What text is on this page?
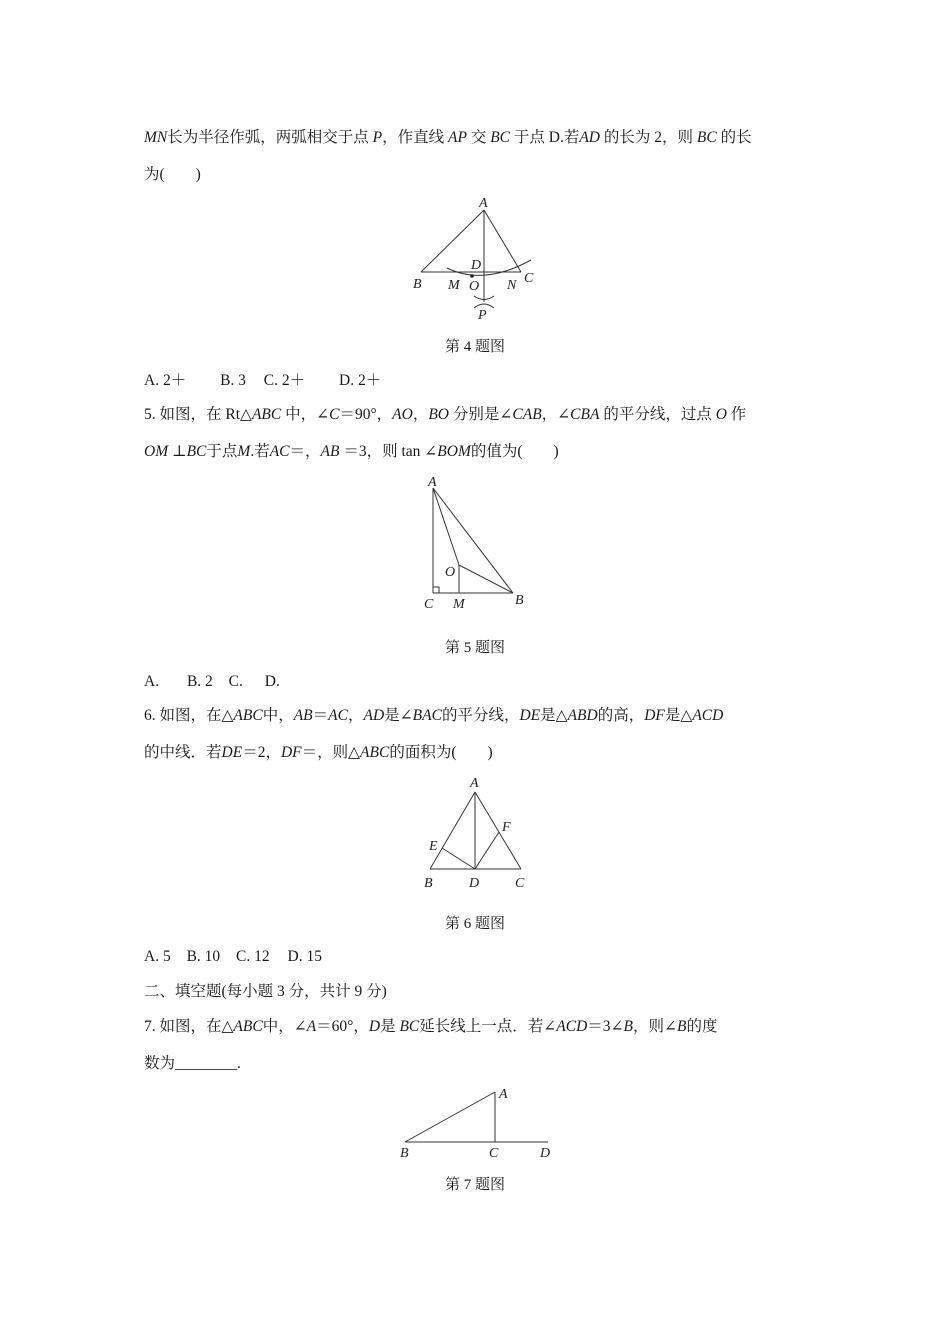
MN长为半径作弧，两弧相交于点 P，作直线 AP 交 BC 于点 D.若AD 的长为 2，则 BC 的长
为(　　)
A
B	C
D
M O N
P
A
O
C M	B
A
E
F
B	D	C
A
B	C	D
第 4 题图
A. 2＋ B. 3 C. 2＋ D. 2＋
5. 如图，在 Rt△ABC 中，∠C＝90°，AO，BO 分别是∠CAB，∠CBA 的平分线，过点 O 作
OM ⊥BC于点M.若AC＝，AB ＝3，则 tan ∠BOM的值为(　　)
第 5 题图
A. B. 2 C. D.
6. 如图，在△ABC中，AB＝AC，AD是∠BAC的平分线，DE是△ABD的高，DF是△ACD
的中线．若DE＝2，DF＝，则△ABC的面积为(　　)
第 6 题图
A. 5 B. 10 C. 12 D. 15
二、填空题(每小题 3 分，共计 9 分)
7. 如图，在△ABC中，∠A＝60°，D是 BC延长线上一点．若∠ACD＝3∠B，则∠B的度
数为________.
第 7 题图
